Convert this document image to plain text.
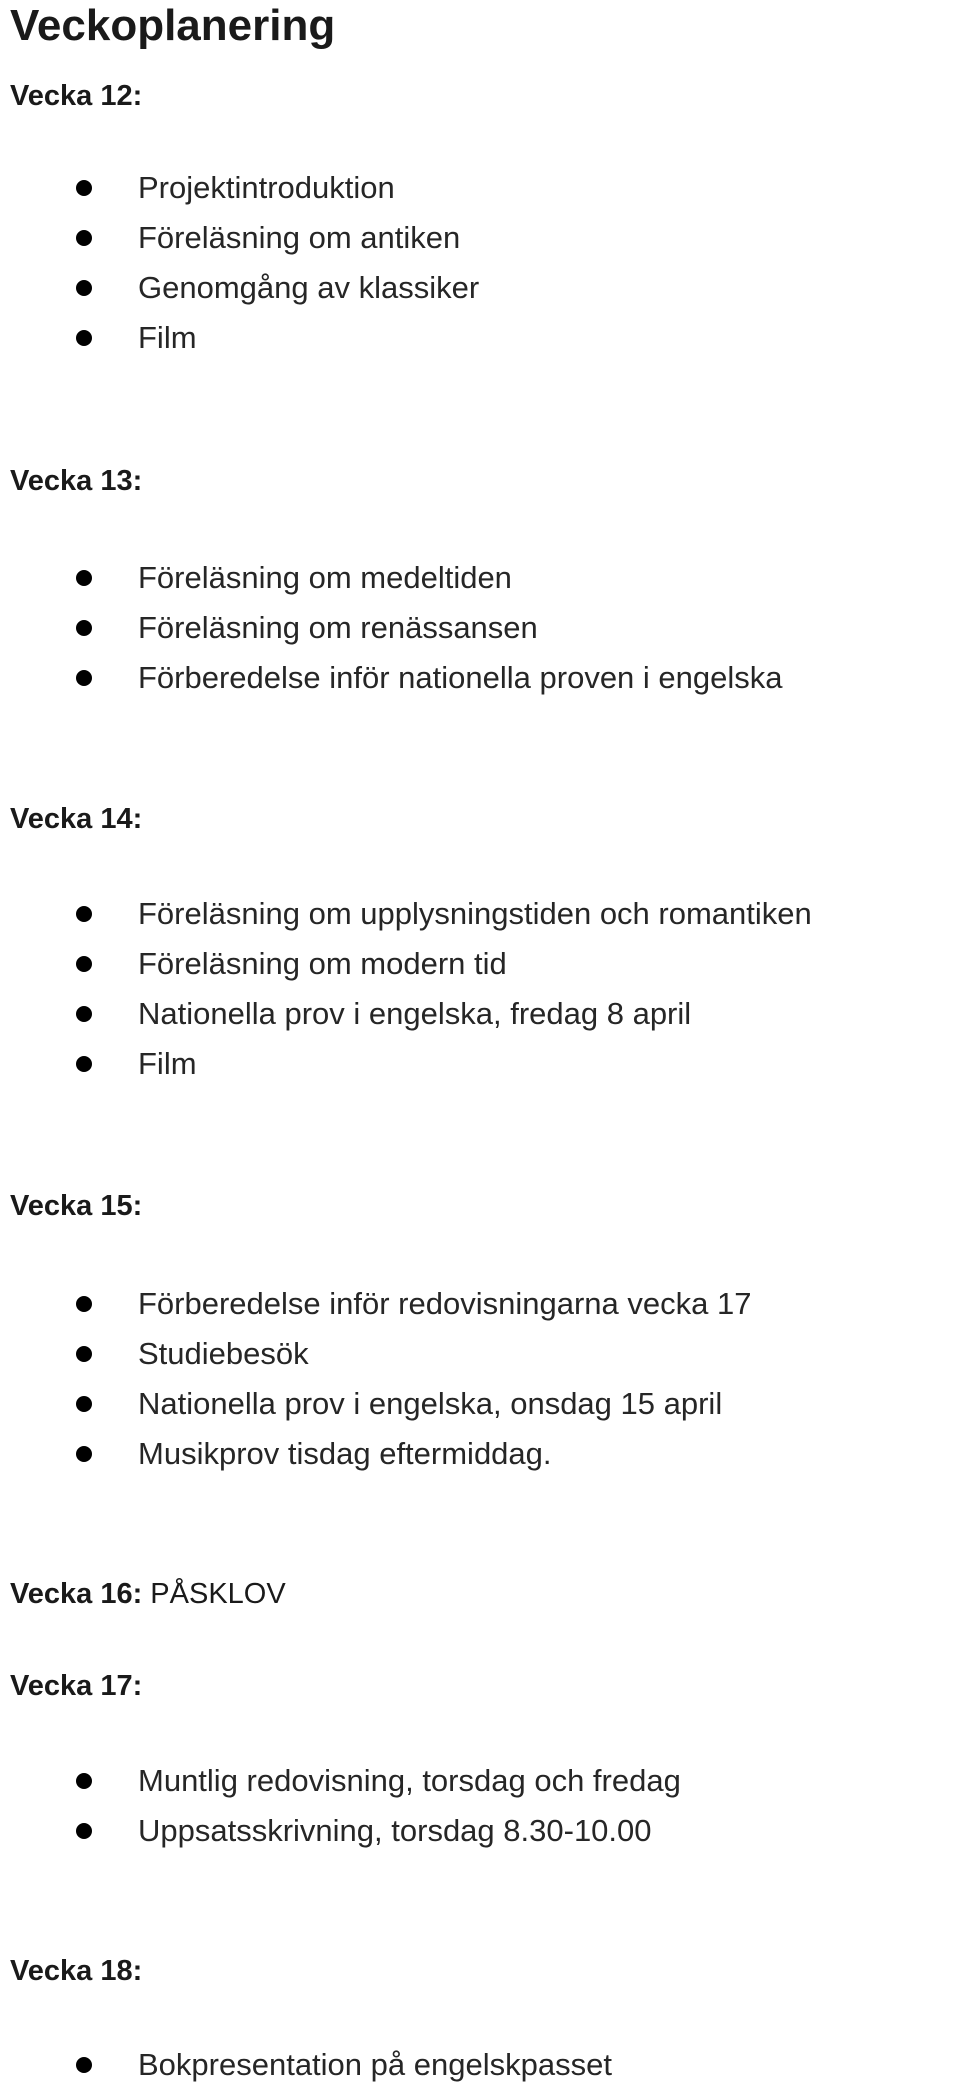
Veckoplanering
Vecka 12:
Projektintroduktion
Föreläsning om antiken
Genomgång av klassiker
Film
Vecka 13:
Föreläsning om medeltiden
Föreläsning om renässansen
Förberedelse inför nationella proven i engelska
Vecka 14:
Föreläsning om upplysningstiden och romantiken
Föreläsning om modern tid
Nationella prov i engelska, fredag 8 april
Film
Vecka 15:
Förberedelse inför redovisningarna vecka 17
Studiebesök
Nationella prov i engelska, onsdag 15 april
Musikprov tisdag eftermiddag.
Vecka 16: PÅSKLOV
Vecka 17:
Muntlig redovisning, torsdag och fredag
Uppsatsskrivning, torsdag 8.30-10.00
Vecka 18:
Bokpresentation på engelskpasset
